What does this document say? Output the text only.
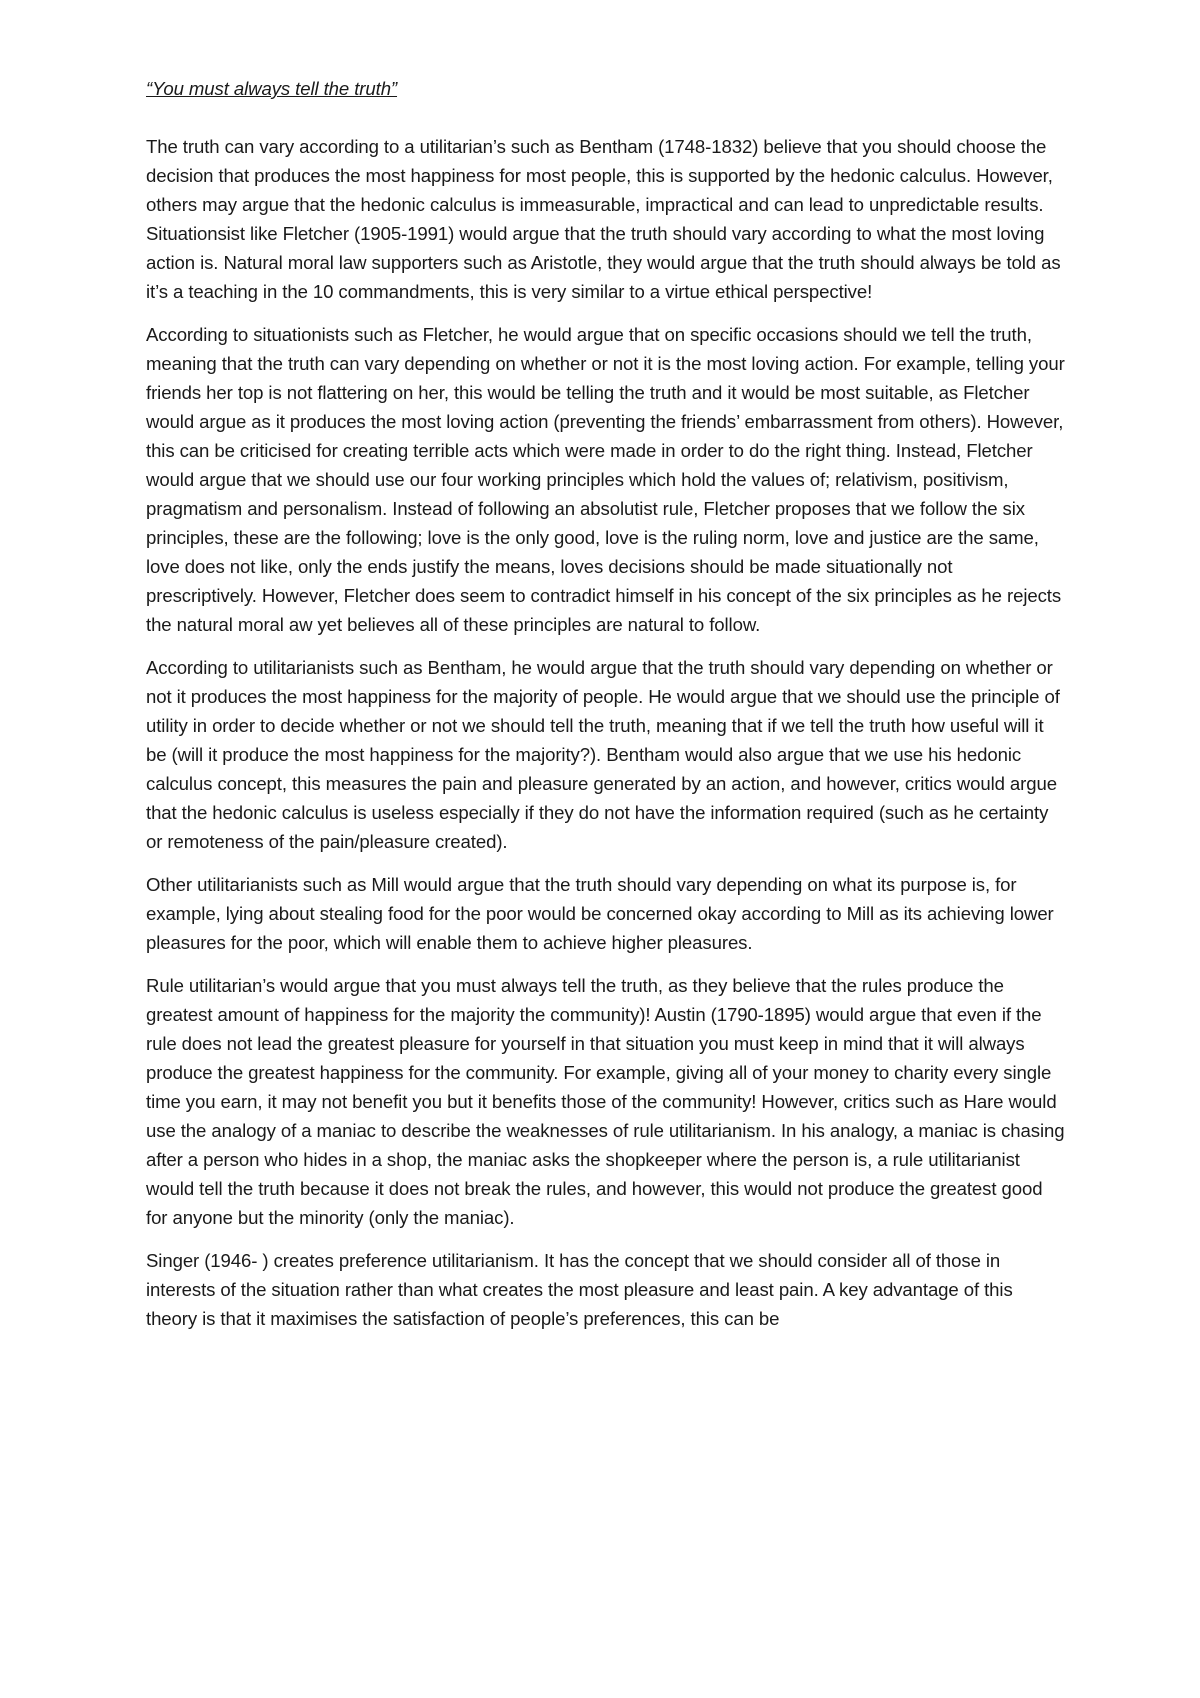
“You must always tell the truth”

The truth can vary according to a utilitarian’s such as Bentham (1748-1832) believe that you should choose the decision that produces the most happiness for most people, this is supported by the hedonic calculus. However, others may argue that the hedonic calculus is immeasurable, impractical and can lead to unpredictable results. Situationsist like Fletcher (1905-1991) would argue that the truth should vary according to what the most loving action is. Natural moral law supporters such as Aristotle, they would argue that the truth should always be told as it’s a teaching in the 10 commandments, this is very similar to a virtue ethical perspective!

According to situationists such as Fletcher, he would argue that on specific occasions should we tell the truth, meaning that the truth can vary depending on whether or not it is the most loving action. For example, telling your friends her top is not flattering on her, this would be telling the truth and it would be most suitable, as Fletcher would argue as it produces the most loving action (preventing the friends’ embarrassment from others). However, this can be criticised for creating terrible acts which were made in order to do the right thing. Instead, Fletcher would argue that we should use our four working principles which hold the values of; relativism, positivism, pragmatism and personalism. Instead of following an absolutist rule, Fletcher proposes that we follow the six principles, these are the following; love is the only good, love is the ruling norm, love and justice are the same, love does not like, only the ends justify the means, loves decisions should be made situationally not prescriptively. However, Fletcher does seem to contradict himself in his concept of the six principles as he rejects the natural moral aw yet believes all of these principles are natural to follow.

According to utilitarianists such as Bentham, he would argue that the truth should vary depending on whether or not it produces the most happiness for the majority of people. He would argue that we should use the principle of utility in order to decide whether or not we should tell the truth, meaning that if we tell the truth how useful will it be (will it produce the most happiness for the majority?). Bentham would also argue that we use his hedonic calculus concept, this measures the pain and pleasure generated by an action, and however, critics would argue that the hedonic calculus is useless especially if they do not have the information required (such as he certainty or remoteness of the pain/pleasure created).

Other utilitarianists such as Mill would argue that the truth should vary depending on what its purpose is, for example, lying about stealing food for the poor would be concerned okay according to Mill as its achieving lower pleasures for the poor, which will enable them to achieve higher pleasures.

Rule utilitarian’s would argue that you must always tell the truth, as they believe that the rules produce the greatest amount of happiness for the majority the community)! Austin (1790-1895) would argue that even if the rule does not lead the greatest pleasure for yourself in that situation you must keep in mind that it will always produce the greatest happiness for the community. For example, giving all of your money to charity every single time you earn, it may not benefit you but it benefits those of the community! However, critics such as Hare would use the analogy of a maniac to describe the weaknesses of rule utilitarianism. In his analogy, a maniac is chasing after a person who hides in a shop, the maniac asks the shopkeeper where the person is, a rule utilitarianist would tell the truth because it does not break the rules, and however, this would not produce the greatest good for anyone but the minority (only the maniac).

Singer (1946- ) creates preference utilitarianism. It has the concept that we should consider all of those in interests of the situation rather than what creates the most pleasure and least pain. A key advantage of this theory is that it maximises the satisfaction of people’s preferences, this can be
